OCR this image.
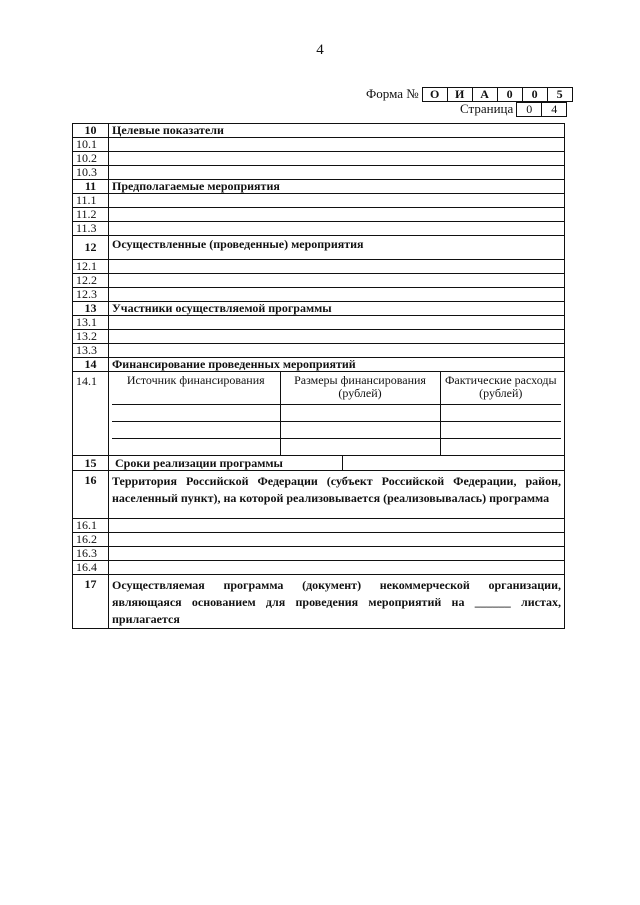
4
Форма № О	И	А	0	0	5
Страница	0	4
10	Целевые показатели
10.1	
10.2	
10.3	
11	Предполагаемые мероприятия
11.1	
11.2	
11.3	
12	Осуществленные (проведенные) мероприятия
12.1	
12.2	
12.3	
13	Участники осуществляемой программы
13.1	
13.2	
13.3	
14	Финансирование проведенных мероприятий
14.1	Источник финансирования	Размеры финансирования (рублей)	Фактические расходы (рублей)

15	Сроки реализации программы

16	Территория Российской Федерации (субъект Российской Федерации, район, населенный пункт), на которой реализовывается (реализовывалась) программа
16.1	
16.2	
16.3	
16.4	
17	Осуществляемая программа (документ) некоммерческой организации, являющаяся основанием для проведения мероприятий на ______ листах, прилагается
